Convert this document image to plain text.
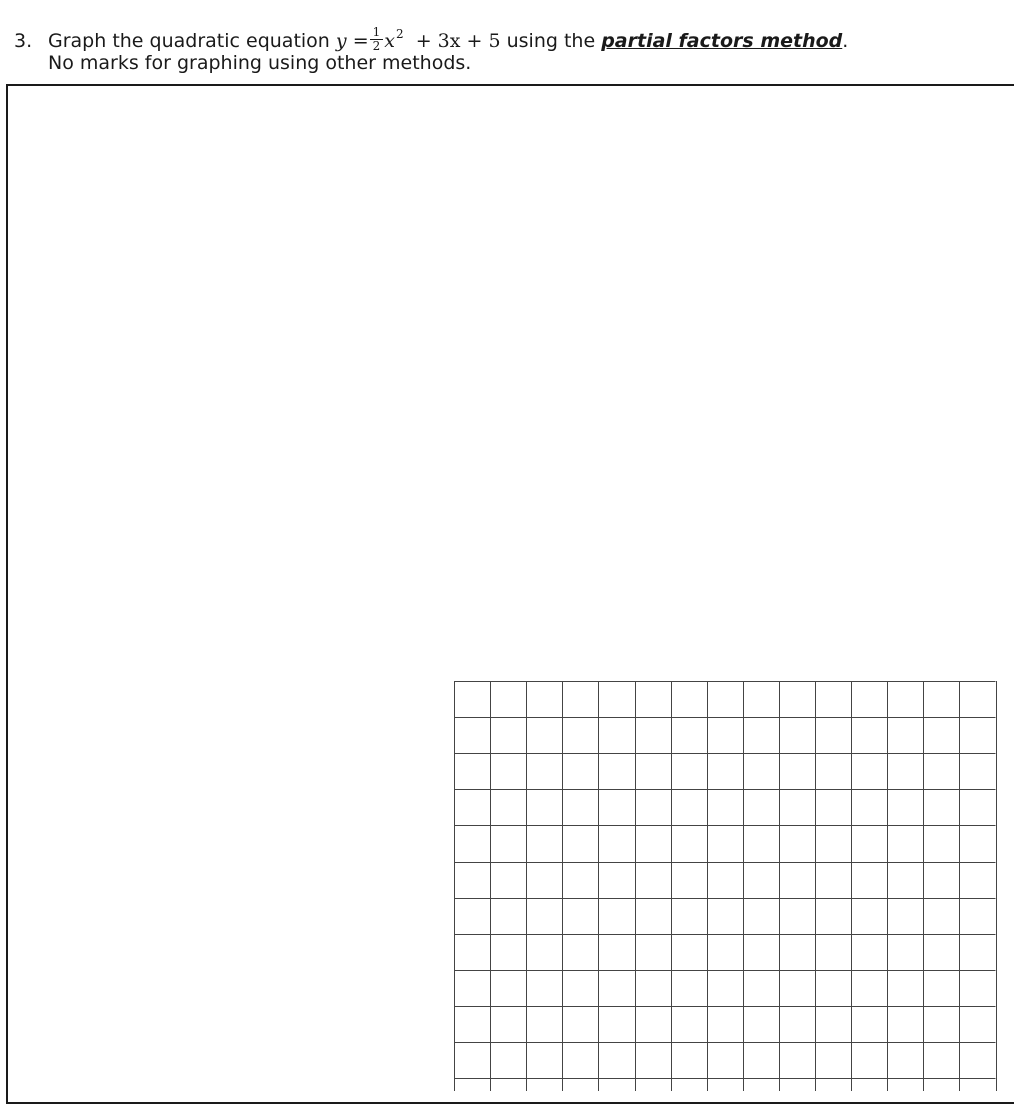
3. Graph the quadratic equation $y = \frac{1}{2} x^2 + 3x + 5$ using the partial factors method.
No marks for graphing using other methods.
